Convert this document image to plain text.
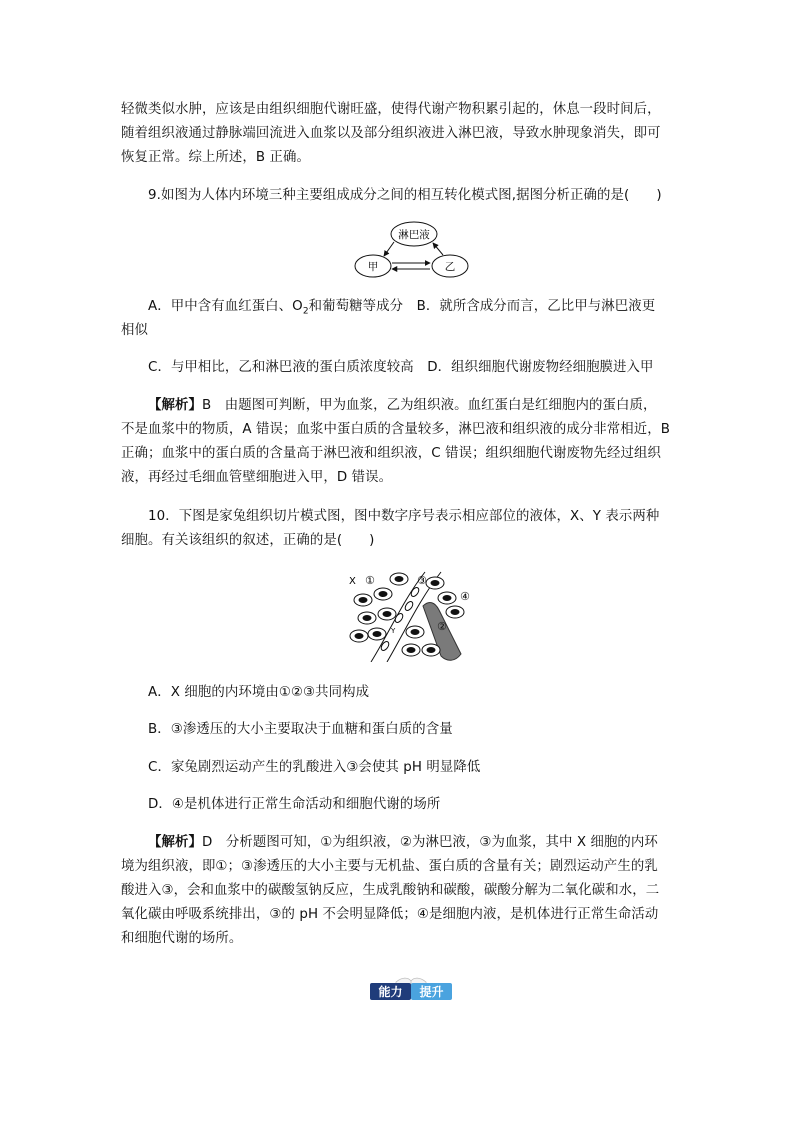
轻微类似水肿，应该是由组织细胞代谢旺盛，使得代谢产物积累引起的，休息一段时间后，
随着组织液通过静脉端回流进入血浆以及部分组织液进入淋巴液，导致水肿现象消失，即可
恢复正常。综上所述，B 正确。
9.如图为人体内环境三种主要组成成分之间的相互转化模式图,据图分析正确的是(　　)
淋巴液
甲	乙
A．甲中含有血红蛋白、$O_2$和葡萄糖等成分　B．就所含成分而言，乙比甲与淋巴液更
相似
C．与甲相比，乙和淋巴液的蛋白质浓度较高　D．组织细胞代谢废物经细胞膜进入甲
【解析】B　由题图可判断，甲为血浆，乙为组织液。血红蛋白是红细胞内的蛋白质，
不是血浆中的物质，A 错误；血浆中蛋白质的含量较多，淋巴液和组织液的成分非常相近，B
正确；血浆中的蛋白质的含量高于淋巴液和组织液，C 错误；组织细胞代谢废物先经过组织
液，再经过毛细血管壁细胞进入甲，D 错误。
10．下图是家兔组织切片模式图，图中数字序号表示相应部位的液体，X、Y 表示两种
细胞。有关该组织的叙述，正确的是(　　)
X ①	③
④
②
Y
A．X 细胞的内环境由①②③共同构成
B．③渗透压的大小主要取决于血糖和蛋白质的含量
C．家兔剧烈运动产生的乳酸进入③会使其 pH 明显降低
D．④是机体进行正常生命活动和细胞代谢的场所
【解析】D　分析题图可知，①为组织液，②为淋巴液，③为血浆，其中 X 细胞的内环
境为组织液，即①；③渗透压的大小主要与无机盐、蛋白质的含量有关；剧烈运动产生的乳
酸进入③，会和血浆中的碳酸氢钠反应，生成乳酸钠和碳酸，碳酸分解为二氧化碳和水，二
氧化碳由呼吸系统排出，③的 pH 不会明显降低；④是细胞内液，是机体进行正常生命活动
和细胞代谢的场所。
能力 提升
